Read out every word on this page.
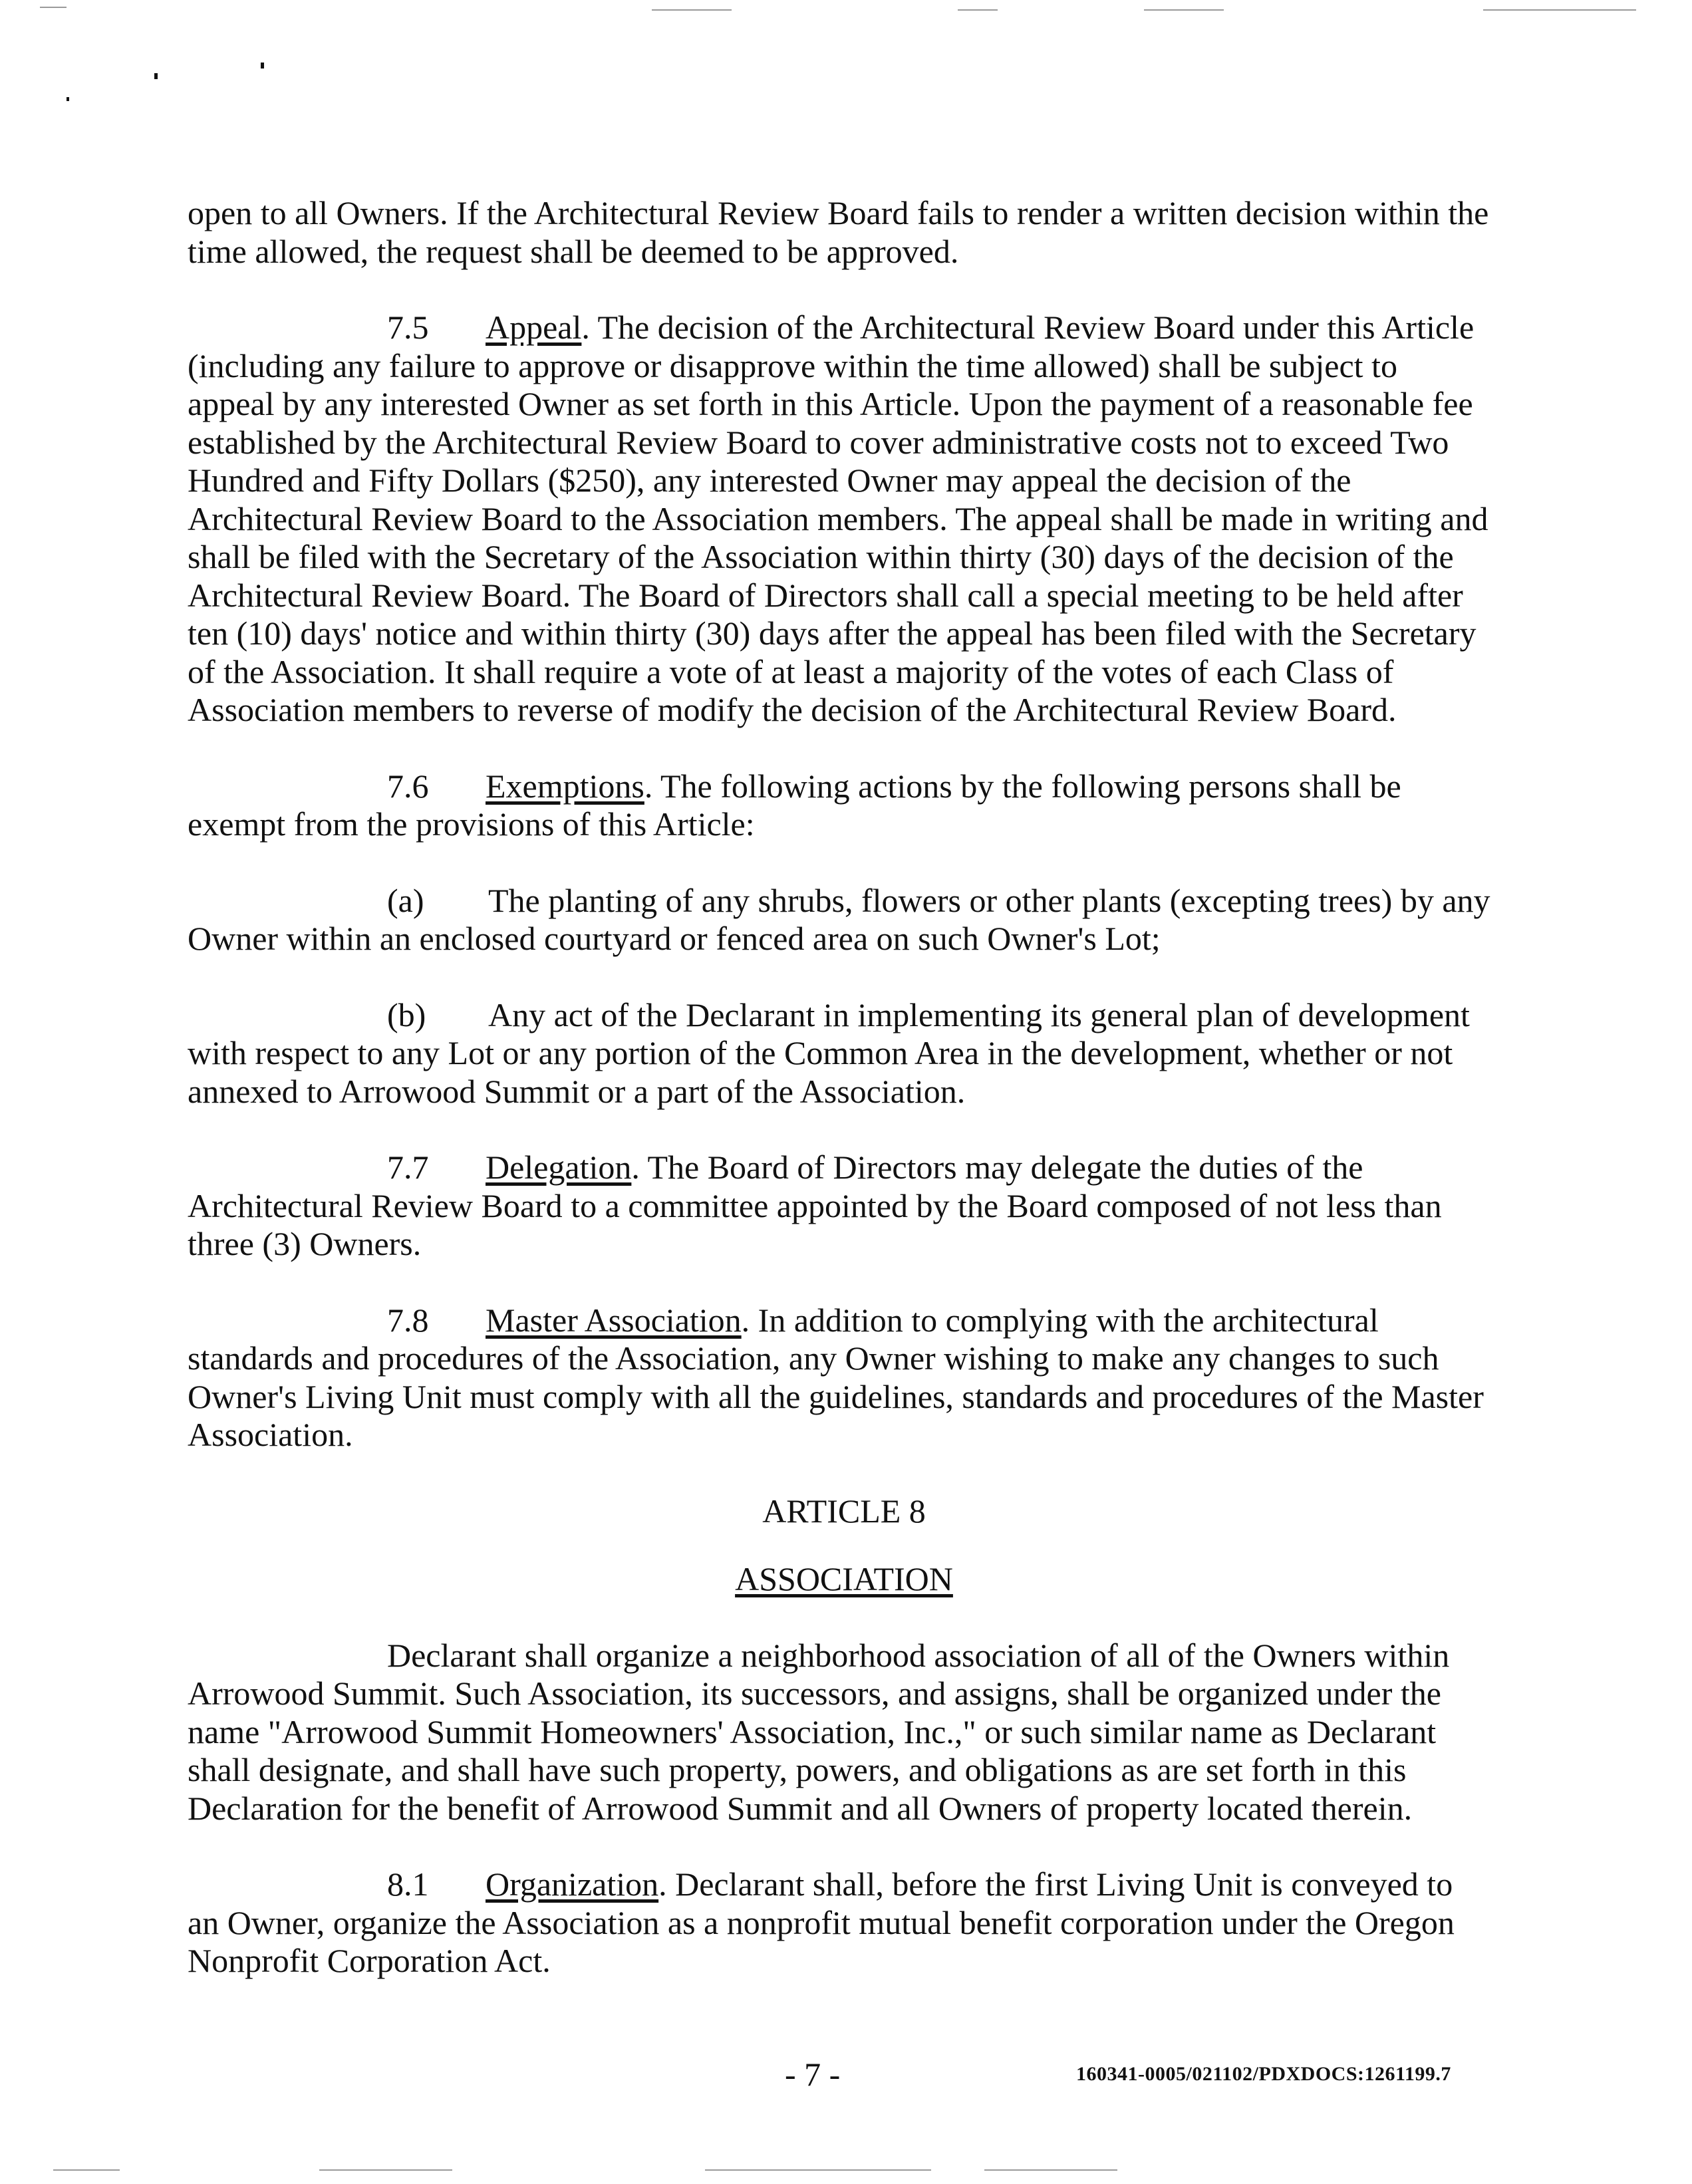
open to all Owners. If the Architectural Review Board fails to render a written decision within the time allowed, the request shall be deemed to be approved.

7.5 Appeal. The decision of the Architectural Review Board under this Article (including any failure to approve or disapprove within the time allowed) shall be subject to appeal by any interested Owner as set forth in this Article. Upon the payment of a reasonable fee established by the Architectural Review Board to cover administrative costs not to exceed Two Hundred and Fifty Dollars ($250), any interested Owner may appeal the decision of the Architectural Review Board to the Association members. The appeal shall be made in writing and shall be filed with the Secretary of the Association within thirty (30) days of the decision of the Architectural Review Board. The Board of Directors shall call a special meeting to be held after ten (10) days' notice and within thirty (30) days after the appeal has been filed with the Secretary of the Association. It shall require a vote of at least a majority of the votes of each Class of Association members to reverse of modify the decision of the Architectural Review Board.

7.6 Exemptions. The following actions by the following persons shall be exempt from the provisions of this Article:

(a) The planting of any shrubs, flowers or other plants (excepting trees) by any Owner within an enclosed courtyard or fenced area on such Owner's Lot;

(b) Any act of the Declarant in implementing its general plan of development with respect to any Lot or any portion of the Common Area in the development, whether or not annexed to Arrowood Summit or a part of the Association.

7.7 Delegation. The Board of Directors may delegate the duties of the Architectural Review Board to a committee appointed by the Board composed of not less than three (3) Owners.

7.8 Master Association. In addition to complying with the architectural standards and procedures of the Association, any Owner wishing to make any changes to such Owner's Living Unit must comply with all the guidelines, standards and procedures of the Master Association.

ARTICLE 8

ASSOCIATION

Declarant shall organize a neighborhood association of all of the Owners within Arrowood Summit. Such Association, its successors, and assigns, shall be organized under the name "Arrowood Summit Homeowners' Association, Inc.," or such similar name as Declarant shall designate, and shall have such property, powers, and obligations as are set forth in this Declaration for the benefit of Arrowood Summit and all Owners of property located therein.

8.1 Organization. Declarant shall, before the first Living Unit is conveyed to an Owner, organize the Association as a nonprofit mutual benefit corporation under the Oregon Nonprofit Corporation Act.

- 7 -	160341-0005/021102/PDXDOCS:1261199.7
